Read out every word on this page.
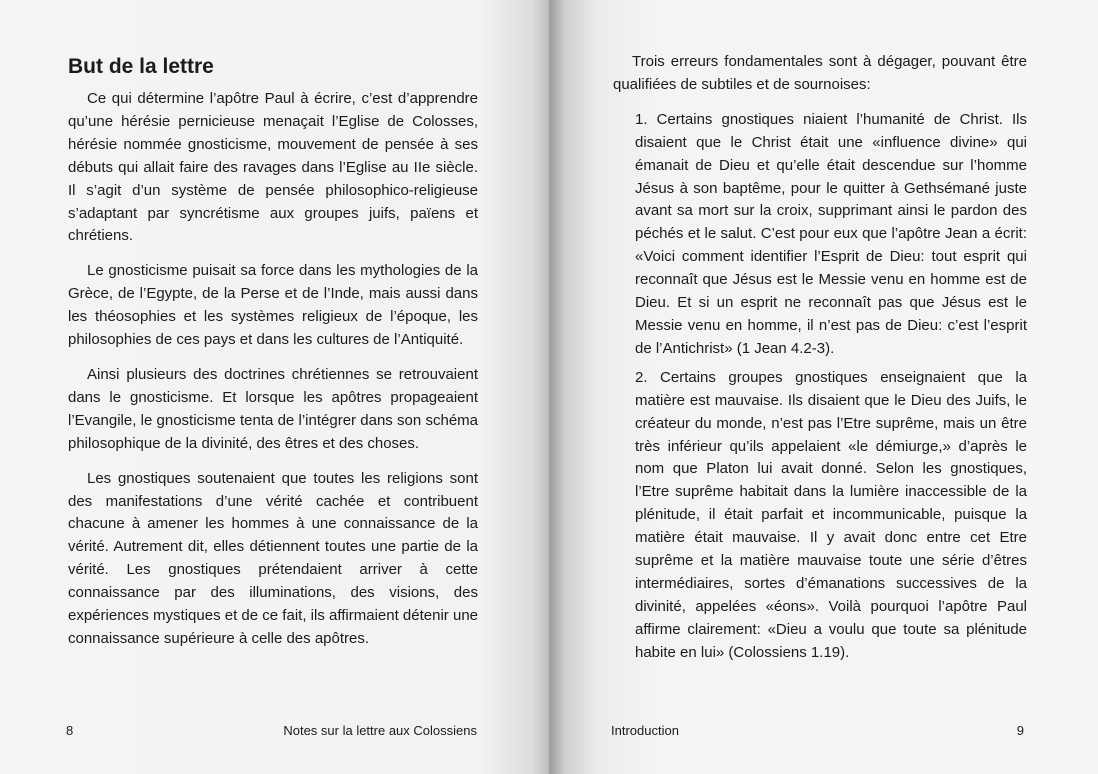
But de la lettre

Ce qui détermine l’apôtre Paul à écrire, c’est d’apprendre qu’une hérésie pernicieuse menaçait l’Eglise de Colosses, hérésie nommée gnosticisme, mouvement de pensée à ses débuts qui allait faire des ravages dans l’Eglise au IIe siècle. Il s’agit d’un système de pensée philosophico-religieuse s’adaptant par syncrétisme aux groupes juifs, païens et chrétiens.

Le gnosticisme puisait sa force dans les mythologies de la Grèce, de l’Egypte, de la Perse et de l’Inde, mais aussi dans les théosophies et les systèmes religieux de l’époque, les philosophies de ces pays et dans les cultures de l’Antiquité.

Ainsi plusieurs des doctrines chrétiennes se retrouvaient dans le gnosticisme. Et lorsque les apôtres propageaient l’Evangile, le gnosticisme tenta de l’intégrer dans son schéma philosophique de la divinité, des êtres et des choses.

Les gnostiques soutenaient que toutes les religions sont des manifestations d’une vérité cachée et contribuent chacune à amener les hommes à une connaissance de la vérité. Autrement dit, elles détiennent toutes une partie de la vérité. Les gnostiques prétendaient arriver à cette connaissance par des illuminations, des visions, des expériences mystiques et de ce fait, ils affirmaient détenir une connaissance supérieure à celle des apôtres.

8	Notes sur la lettre aux Colossiens

Trois erreurs fondamentales sont à dégager, pouvant être qualifiées de subtiles et de sournoises:

1. Certains gnostiques niaient l’humanité de Christ. Ils disaient que le Christ était une «influence divine» qui émanait de Dieu et qu’elle était descendue sur l’homme Jésus à son baptême, pour le quitter à Gethsémané juste avant sa mort sur la croix, supprimant ainsi le pardon des péchés et le salut. C’est pour eux que l’apôtre Jean a écrit: «Voici comment identifier l’Esprit de Dieu: tout esprit qui reconnaît que Jésus est le Messie venu en homme est de Dieu. Et si un esprit ne reconnaît pas que Jésus est le Messie venu en homme, il n’est pas de Dieu: c’est l’esprit de l’Antichrist» (1 Jean 4.2-3).

2. Certains groupes gnostiques enseignaient que la matière est mauvaise. Ils disaient que le Dieu des Juifs, le créateur du monde, n’est pas l’Etre suprême, mais un être très inférieur qu’ils appelaient «le démiurge,» d’après le nom que Platon lui avait donné. Selon les gnostiques, l’Etre suprême habitait dans la lumière inaccessible de la plénitude, il était parfait et incommunicable, puisque la matière était mauvaise. Il y avait donc entre cet Etre suprême et la matière mauvaise toute une série d’êtres intermédiaires, sortes d’émanations successives de la divinité, appelées «éons». Voilà pourquoi l’apôtre Paul affirme clairement: «Dieu a voulu que toute sa plénitude habite en lui» (Colossiens 1.19).

Introduction	9
